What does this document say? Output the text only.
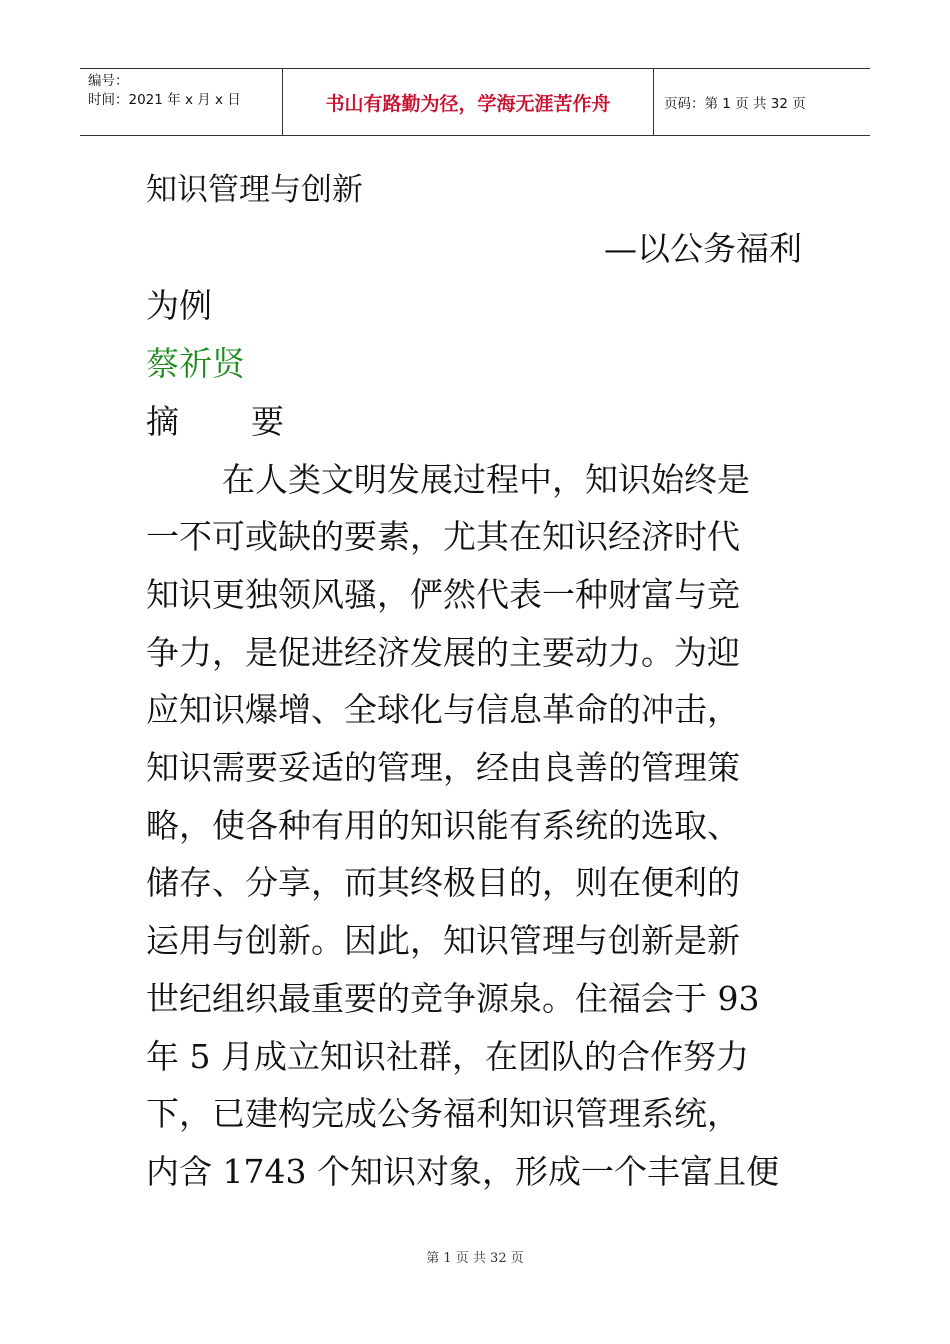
编号：
时间：2021 年 x 月 x 日	书山有路勤为径，学海无涯苦作舟	页码：第 1 页 共 32 页
知识管理与创新
—以公务福利
为例
蔡祈贤
摘 要
在人类文明发展过程中，知识始终是
一不可或缺的要素，尤其在知识经济时代
知识更独领风骚，俨然代表一种财富与竞
争力，是促进经济发展的主要动力。为迎
应知识爆增、全球化与信息革命的冲击，
知识需要妥适的管理，经由良善的管理策
略，使各种有用的知识能有系统的选取、
储存、分享，而其终极目的，则在便利的
运用与创新。因此，知识管理与创新是新
世纪组织最重要的竞争源泉。住福会于 93
年 5 月成立知识社群，在团队的合作努力
下，已建构完成公务福利知识管理系统，
内含 1743 个知识对象，形成一个丰富且便
第 1 页 共 32 页
